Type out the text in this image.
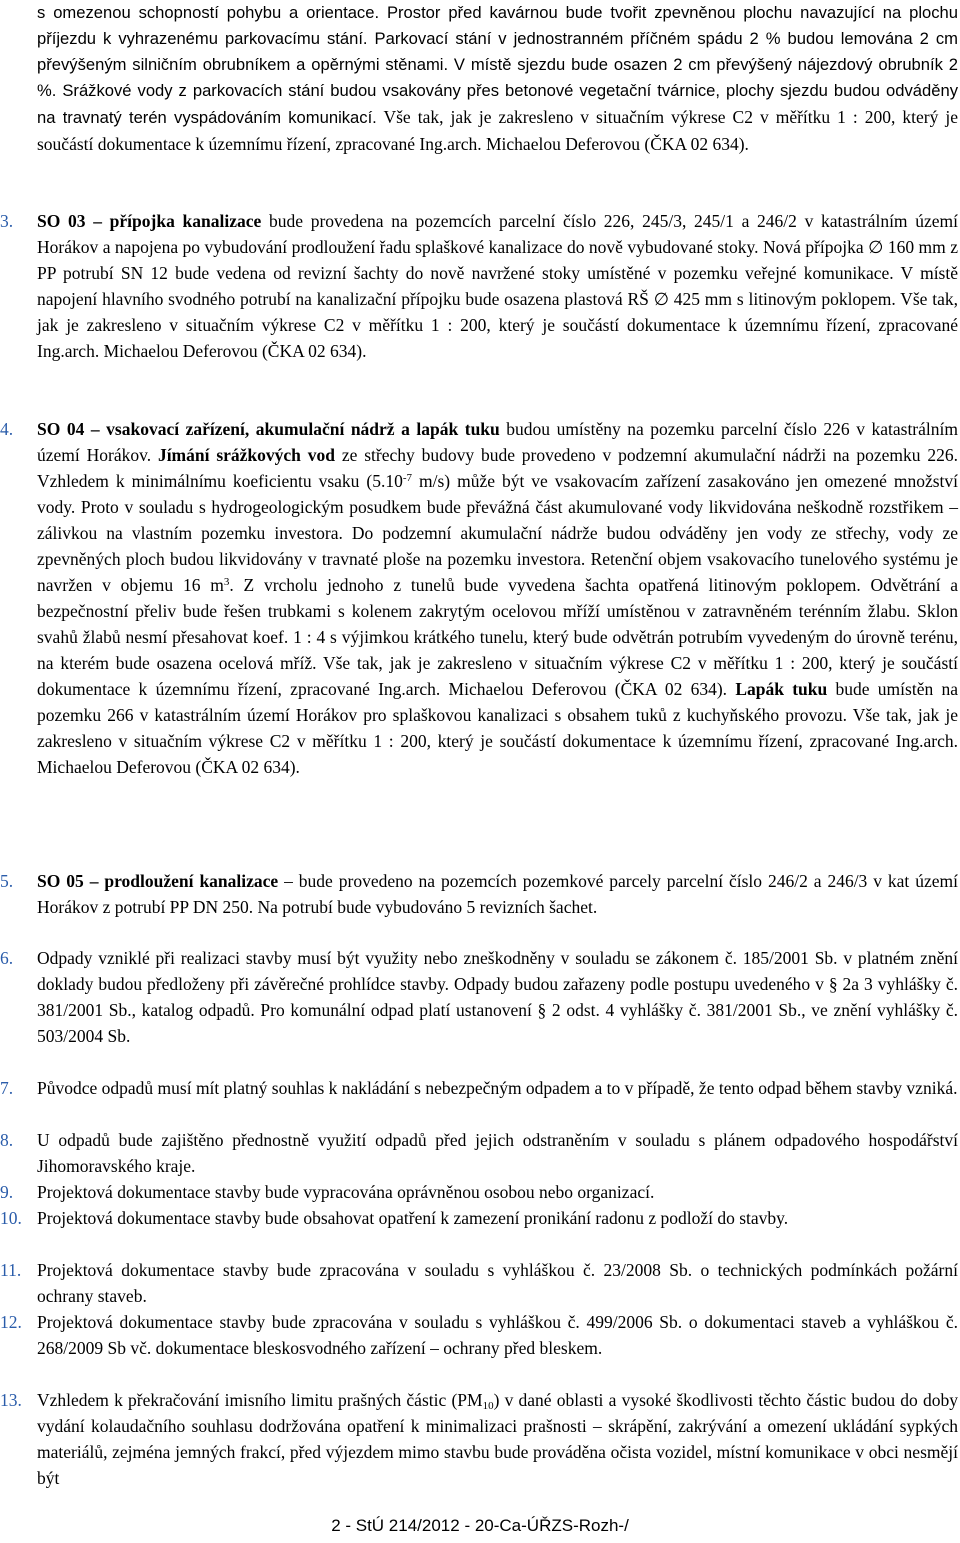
s omezenou schopností pohybu a orientace. Prostor před kavárnou bude tvořit zpevněnou plochu navazující na plochu příjezdu k vyhrazenému parkovacímu stání. Parkovací stání v jednostranném příčném spádu 2 % budou lemována 2 cm převýšeným silničním obrubníkem a opěrnými stěnami. V místě sjezdu bude osazen 2 cm převýšený nájezdový obrubník 2 %. Srážkové vody z parkovacích stání budou vsakovány přes betonové vegetační tvárnice, plochy sjezdu budou odváděny na travnatý terén vyspádováním komunikací. Vše tak, jak je zakresleno v situačním výkrese C2 v měřítku 1 : 200, který je součástí dokumentace k územnímu řízení, zpracované Ing.arch. Michaelou Deferovou (ČKA 02 634).
3.	SO 03 – přípojka kanalizace bude provedena na pozemcích parcelní číslo 226, 245/3, 245/1 a 246/2 v katastrálním území Horákov a napojena po vybudování prodloužení řadu splaškové kanalizace do nově vybudované stoky. Nová přípojka ∅ 160 mm z PP potrubí SN 12 bude vedena od revizní šachty do nově navržené stoky umístěné v pozemku veřejné komunikace. V místě napojení hlavního svodného potrubí na kanalizační přípojku bude osazena plastová RŠ ∅ 425 mm s litinovým poklopem. Vše tak, jak je zakresleno v situačním výkrese C2 v měřítku 1 : 200, který je součástí dokumentace k územnímu řízení, zpracované Ing.arch. Michaelou Deferovou (ČKA 02 634).
4.	SO 04 – vsakovací zařízení, akumulační nádrž a lapák tuku budou umístěny na pozemku parcelní číslo 226 v katastrálním území Horákov. Jímání srážkových vod ze střechy budovy bude provedeno v podzemní akumulační nádrži na pozemku 226. Vzhledem k minimálnímu koeficientu vsaku ($5.10^{-7}$ m/s) může být ve vsakovacím zařízení zasakováno jen omezené množství vody. Proto v souladu s hydrogeologickým posudkem bude převážná část akumulované vody likvidována neškodně rozstřikem – zálivkou na vlastním pozemku investora. Do podzemní akumulační nádrže budou odváděny jen vody ze střechy, vody ze zpevněných ploch budou likvidovány v travnaté ploše na pozemku investora. Retenční objem vsakovacího tunelového systému je navržen v objemu 16 $m^3$. Z vrcholu jednoho z tunelů bude vyvedena šachta opatřená litinovým poklopem. Odvětrání a bezpečnostní přeliv bude řešen trubkami s kolenem zakrytým ocelovou mříží umístěnou v zatravněném terénním žlabu. Sklon svahů žlabů nesmí přesahovat koef. 1 : 4 s výjimkou krátkého tunelu, který bude odvětrán potrubím vyvedeným do úrovně terénu, na kterém bude osazena ocelová mříž. Vše tak, jak je zakresleno v situačním výkrese C2 v měřítku 1 : 200, který je součástí dokumentace k územnímu řízení, zpracované Ing.arch. Michaelou Deferovou (ČKA 02 634). Lapák tuku bude umístěn na pozemku 266 v katastrálním území Horákov pro splaškovou kanalizaci s obsahem tuků z kuchyňského provozu. Vše tak, jak je zakresleno v situačním výkrese C2 v měřítku 1 : 200, který je součástí dokumentace k územnímu řízení, zpracované Ing.arch. Michaelou Deferovou (ČKA 02 634).
5.	SO 05 – prodloužení kanalizace – bude provedeno na pozemcích pozemkové parcely parcelní číslo 246/2 a 246/3 v kat území Horákov z potrubí PP DN 250. Na potrubí bude vybudováno 5 revizních šachet.
6.	Odpady vzniklé při realizaci stavby musí být využity nebo zneškodněny v souladu se zákonem č. 185/2001 Sb. v platném znění doklady budou předloženy při závěrečné prohlídce stavby. Odpady budou zařazeny podle postupu uvedeného v § 2a 3 vyhlášky č. 381/2001 Sb., katalog odpadů. Pro komunální odpad platí ustanovení § 2 odst. 4 vyhlášky č. 381/2001 Sb., ve znění vyhlášky č. 503/2004 Sb.
7.	Původce odpadů musí mít platný souhlas k nakládání s nebezpečným odpadem a to v případě, že tento odpad během stavby vzniká.
8.	U odpadů bude zajištěno přednostně využití odpadů před jejich odstraněním v souladu s plánem odpadového hospodářství Jihomoravského kraje.
9.	Projektová dokumentace stavby bude vypracována oprávněnou osobou nebo organizací.
10. Projektová dokumentace stavby bude obsahovat opatření k zamezení pronikání radonu z podloží do stavby.
11. Projektová dokumentace stavby bude zpracována v souladu s vyhláškou č. 23/2008 Sb. o technických podmínkách požární ochrany staveb.
12. Projektová dokumentace stavby bude zpracována v souladu s vyhláškou č. 499/2006 Sb. o dokumentaci staveb a vyhláškou č. 268/2009 Sb vč. dokumentace bleskosvodného zařízení – ochrany před bleskem.
13. Vzhledem k překračování imisního limitu prašných částic $(PM_{10})$ v dané oblasti a vysoké škodlivosti těchto částic budou do doby vydání kolaudačního souhlasu dodržována opatření k minimalizaci prašnosti – skrápění, zakrývání a omezení ukládání sypkých materiálů, zejména jemných frakcí, před výjezdem mimo stavbu bude prováděna očista vozidel, místní komunikace v obci nesmějí být
2 - StÚ 214/2012 - 20-Ca-ÚŘZS-Rozh-/
